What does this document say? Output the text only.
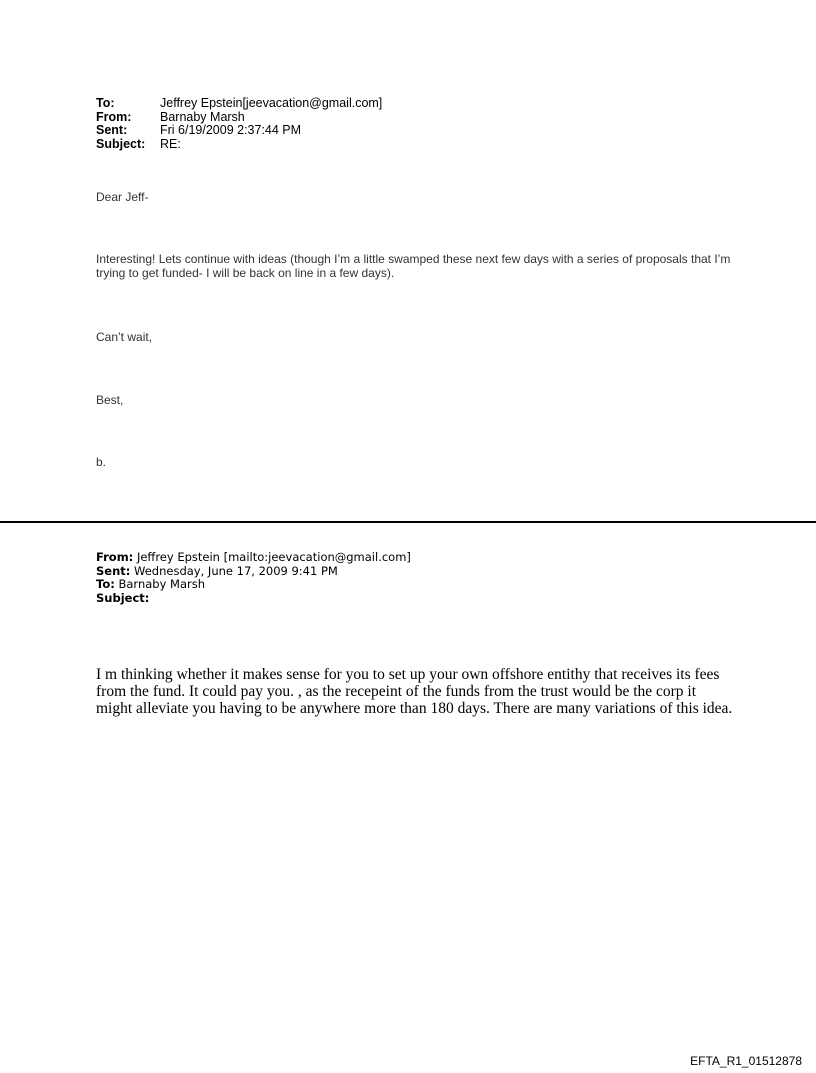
To:	Jeffrey Epstein[jeevacation@gmail.com]
From:	Barnaby Marsh
Sent:	Fri 6/19/2009 2:37:44 PM
Subject:	RE:
Dear Jeff-
Interesting! Lets continue with ideas (though I’m a little swamped these next few days with a series of proposals that I’m trying to get funded- I will be back on line in a few days).
Can’t wait,
Best,
b.
From: Jeffrey Epstein [mailto:jeevacation@gmail.com]
Sent: Wednesday, June 17, 2009 9:41 PM
To: Barnaby Marsh
Subject:
I m thinking whether it makes sense for you to set up your own offshore entithy that receives its fees from the fund. It could pay you. , as the recepeint of the funds from the trust would be the corp it might alleviate you having to be anywhere more than 180 days. There are many variations of this idea.
EFTA_R1_01512878
